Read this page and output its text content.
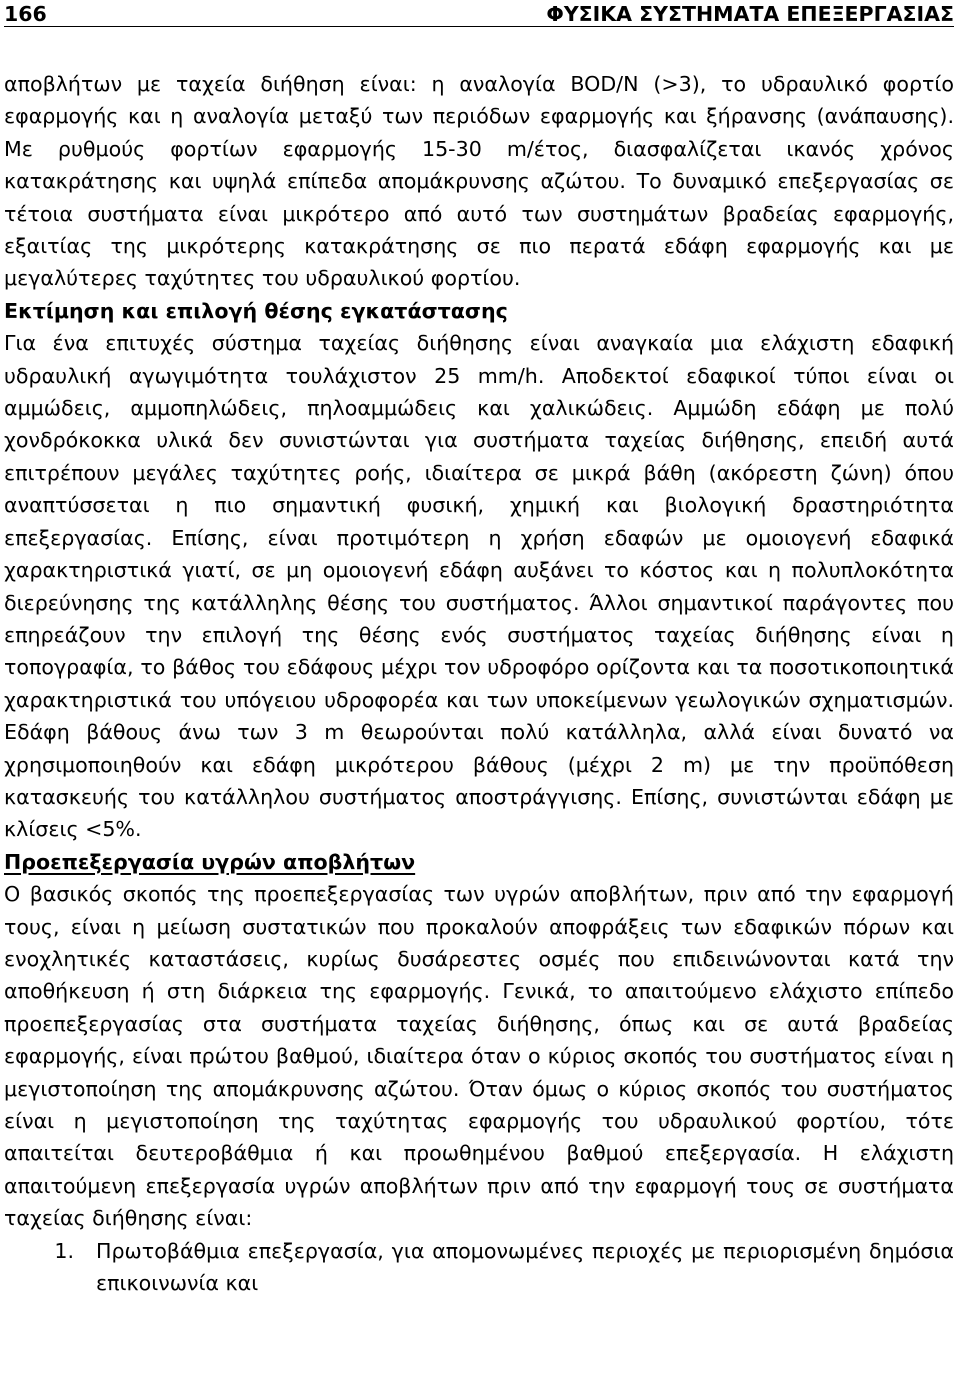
166	ΦΥΣΙΚΑ ΣΥΣΤΗΜΑΤΑ ΕΠΕΞΕΡΓΑΣΙΑΣ

αποβλήτων με ταχεία διήθηση είναι: η αναλογία BOD/N (>3), το υδραυλικό φορτίο εφαρμογής και η αναλογία μεταξύ των περιόδων εφαρμογής και ξήρανσης (ανάπαυσης). Με ρυθμούς φορτίων εφαρμογής 15-30 m/έτος, διασφαλίζεται ικανός χρόνος κατακράτησης και υψηλά επίπεδα απομάκρυνσης αζώτου. Το δυναμικό επεξεργασίας σε τέτοια συστήματα είναι μικρότερο από αυτό των συστημάτων βραδείας εφαρμογής, εξαιτίας της μικρότερης κατακράτησης σε πιο περατά εδάφη εφαρμογής και με μεγαλύτερες ταχύτητες του υδραυλικού φορτίου.

Εκτίμηση και επιλογή θέσης εγκατάστασης

Για ένα επιτυχές σύστημα ταχείας διήθησης είναι αναγκαία μια ελάχιστη εδαφική υδραυλική αγωγιμότητα τουλάχιστον 25 mm/h. Αποδεκτοί εδαφικοί τύποι είναι οι αμμώδεις, αμμοπηλώδεις, πηλοαμμώδεις και χαλικώδεις. Αμμώδη εδάφη με πολύ χονδρόκοκκα υλικά δεν συνιστώνται για συστήματα ταχείας διήθησης, επειδή αυτά επιτρέπουν μεγάλες ταχύτητες ροής, ιδιαίτερα σε μικρά βάθη (ακόρεστη ζώνη) όπου αναπτύσσεται η πιο σημαντική φυσική, χημική και βιολογική δραστηριότητα επεξεργασίας. Επίσης, είναι προτιμότερη η χρήση εδαφών με ομοιογενή εδαφικά χαρακτηριστικά γιατί, σε μη ομοιογενή εδάφη αυξάνει το κόστος και η πολυπλοκότητα διερεύνησης της κατάλληλης θέσης του συστήματος. Άλλοι σημαντικοί παράγοντες που επηρεάζουν την επιλογή της θέσης ενός συστήματος ταχείας διήθησης είναι η τοπογραφία, το βάθος του εδάφους μέχρι τον υδροφόρο ορίζοντα και τα ποσοτικοποιητικά χαρακτηριστικά του υπόγειου υδροφορέα και των υποκείμενων γεωλογικών σχηματισμών. Εδάφη βάθους άνω των 3 m θεωρούνται πολύ κατάλληλα, αλλά είναι δυνατό να χρησιμοποιηθούν και εδάφη μικρότερου βάθους (μέχρι 2 m) με την προϋπόθεση κατασκευής του κατάλληλου συστήματος αποστράγγισης. Επίσης, συνιστώνται εδάφη με κλίσεις <5%.

Προεπεξεργασία υγρών αποβλήτων

Ο βασικός σκοπός της προεπεξεργασίας των υγρών αποβλήτων, πριν από την εφαρμογή τους, είναι η μείωση συστατικών που προκαλούν αποφράξεις των εδαφικών πόρων και ενοχλητικές καταστάσεις, κυρίως δυσάρεστες οσμές που επιδεινώνονται κατά την αποθήκευση ή στη διάρκεια της εφαρμογής. Γενικά, το απαιτούμενο ελάχιστο επίπεδο προεπεξεργασίας στα συστήματα ταχείας διήθησης, όπως και σε αυτά βραδείας εφαρμογής, είναι πρώτου βαθμού, ιδιαίτερα όταν ο κύριος σκοπός του συστήματος είναι η μεγιστοποίηση της απομάκρυνσης αζώτου. Όταν όμως ο κύριος σκοπός του συστήματος είναι η μεγιστοποίηση της ταχύτητας εφαρμογής του υδραυλικού φορτίου, τότε απαιτείται δευτεροβάθμια ή και προωθημένου βαθμού επεξεργασία. Η ελάχιστη απαιτούμενη επεξεργασία υγρών αποβλήτων πριν από την εφαρμογή τους σε συστήματα ταχείας διήθησης είναι:

1.	Πρωτοβάθμια επεξεργασία, για απομονωμένες περιοχές με περιορισμένη δημόσια επικοινωνία και
